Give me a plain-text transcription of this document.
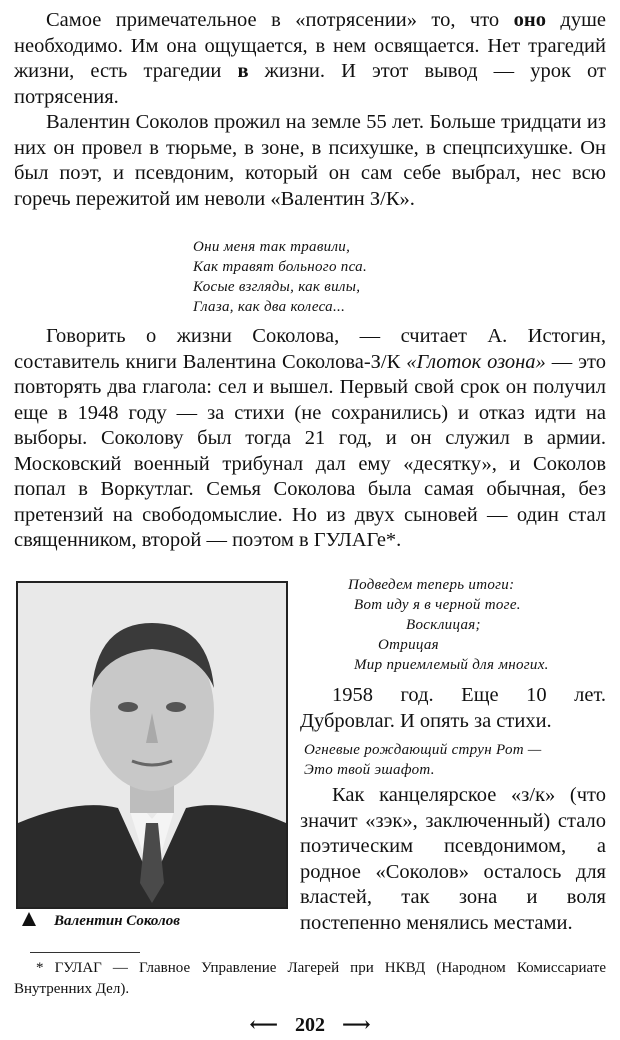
Самое примечательное в «потрясении» то, что оно душе необходимо. Им она ощущается, в нем освящается. Нет трагедий жизни, есть трагедии в жизни. И этот вывод — урок от потрясения.

Валентин Соколов прожил на земле 55 лет. Больше тридцати из них он провел в тюрьме, в зоне, в психушке, в спецпсихушке. Он был поэт, и псевдоним, который он сам себе выбрал, нес всю горечь пережитой им неволи «Валентин З/К».

Они меня так травили,
Как травят больного пса.
Косые взгляды, как вилы,
Глаза, как два колеса...

Говорить о жизни Соколова, — считает А. Истогин, составитель книги Валентина Соколова-З/К «Глоток озона» — это повторять два глагола: сел и вышел. Первый свой срок он получил еще в 1948 году — за стихи (не сохранились) и отказ идти на выборы. Соколову был тогда 21 год, и он служил в армии. Московский военный трибунал дал ему «десятку», и Соколов попал в Воркутлаг. Семья Соколова была самая обычная, без претензий на свободомыслие. Но из двух сыновей — один стал священником, второй — поэтом в ГУЛАГе*.

Валентин Соколов
Подведем теперь итоги:
Вот иду я в черной тоге.
Восклицая;
Отрицая
Мир приемлемый для многих.

1958 год. Еще 10 лет. Дубровлаг. И опять за стихи.

Огневые рождающий струн Рот —
Это твой эшафот.

Как канцелярское «з/к» (что значит «зэк», заключенный) стало поэтическим псевдонимом, а родное «Соколов» осталось для властей, так зона и воля постепенно менялись местами.

* ГУЛАГ — Главное Управление Лагерей при НКВД (Народном Комиссариате Внутренних Дел).

⟵ 202 ⟶
